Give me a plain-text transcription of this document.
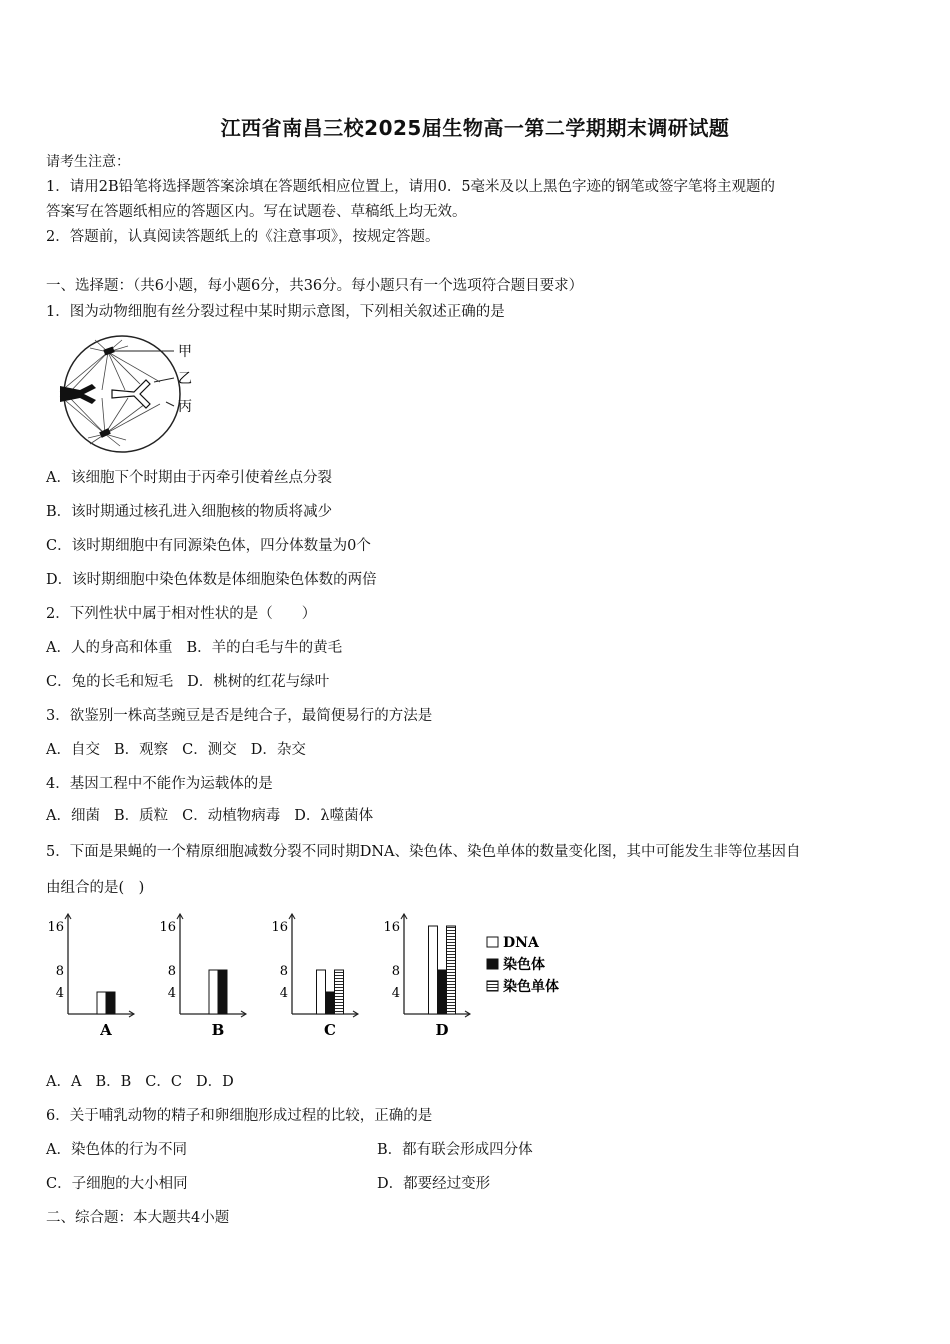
江西省南昌三校2025届生物高一第二学期期末调研试题
请考生注意：
1．请用2B铅笔将选择题答案涂填在答题纸相应位置上，请用0．5毫米及以上黑色字迹的钢笔或签字笔将主观题的
答案写在答题纸相应的答题区内。写在试题卷、草稿纸上均无效。
2．答题前，认真阅读答题纸上的《注意事项》，按规定答题。
一、选择题：（共6小题，每小题6分，共36分。每小题只有一个选项符合题目要求）
1．图为动物细胞有丝分裂过程中某时期示意图，下列相关叙述正确的是
甲
乙
丙
A．该细胞下个时期由于丙牵引使着丝点分裂
B．该时期通过核孔进入细胞核的物质将减少
C．该时期细胞中有同源染色体，四分体数量为0个
D．该时期细胞中染色体数是体细胞染色体数的两倍
2．下列性状中属于相对性状的是（　　）
A．人的身高和体重 B．羊的白毛与牛的黄毛
C．兔的长毛和短毛 D．桃树的红花与绿叶
3．欲鉴别一株高茎豌豆是否是纯合子，最简便易行的方法是
A．自交 B．观察 C．测交 D．杂交
4．基因工程中不能作为运载体的是
A．细菌 B．质粒 C．动植物病毒 D．λ噬菌体
5．下面是果蝇的一个精原细胞减数分裂不同时期DNA、染色体、染色单体的数量变化图，其中可能发生非等位基因自
由组合的是(　)
4
8
16
A
4
8
16
B
4
8
16
C
4
8
16
D
DNA
染色体
染色单体
A．A B．B C．C D．D
6．关于哺乳动物的精子和卵细胞形成过程的比较，正确的是
A．染色体的行为不同	B．都有联会形成四分体
C．子细胞的大小相同	D．都要经过变形
二、综合题：本大题共4小题
